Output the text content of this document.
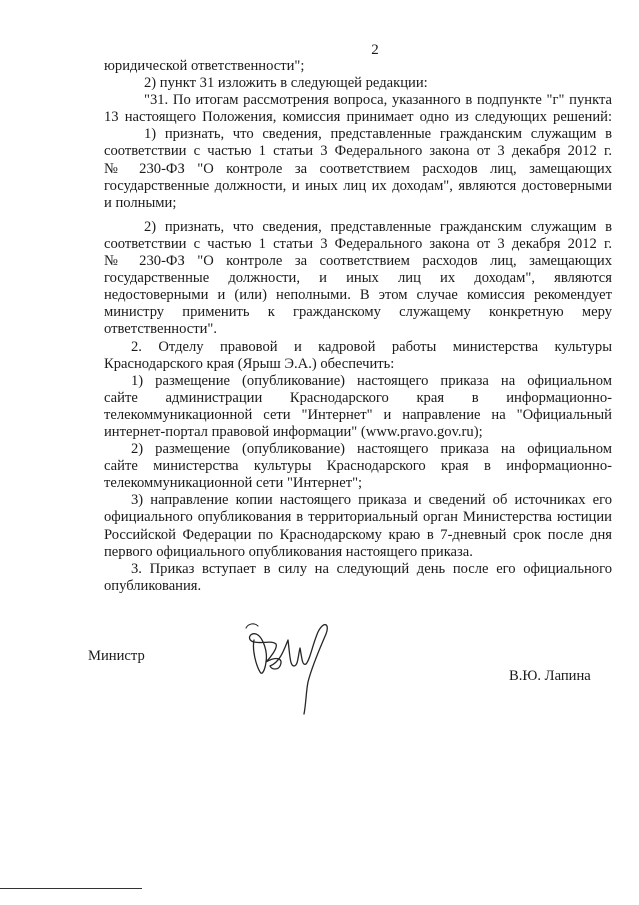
2
юридической ответственности";
2) пункт 31 изложить в следующей редакции:
"31. По итогам рассмотрения вопроса, указанного в подпункте "г" пункта
13 настоящего Положения, комиссия принимает одно из следующих решений:
1) признать, что сведения, представленные гражданским служащим в
соответствии с частью 1 статьи 3 Федерального закона от 3 декабря 2012 г.
№ 230-ФЗ "О контроле за соответствием расходов лиц, замещающих
государственные должности, и иных лиц их доходам", являются достоверными
и полными;
2) признать, что сведения, представленные гражданским служащим в
соответствии с частью 1 статьи 3 Федерального закона от 3 декабря 2012 г.
№ 230-ФЗ "О контроле за соответствием расходов лиц, замещающих
государственные должности, и иных лиц их доходам", являются
недостоверными и (или) неполными. В этом случае комиссия рекомендует
министру применить к гражданскому служащему конкретную меру
ответственности".
2. Отделу правовой и кадровой работы министерства культуры
Краснодарского края (Ярыш Э.А.) обеспечить:
1) размещение (опубликование) настоящего приказа на официальном
сайте администрации Краснодарского края в информационно-
телекоммуникационной сети "Интернет" и направление на "Официальный
интернет-портал правовой информации" (www.pravo.gov.ru);
2) размещение (опубликование) настоящего приказа на официальном
сайте министерства культуры Краснодарского края в информационно-
телекоммуникационной сети "Интернет";
3) направление копии настоящего приказа и сведений об источниках его
официального опубликования в территориальный орган Министерства юстиции
Российской Федерации по Краснодарскому краю в 7-дневный срок после дня
первого официального опубликования настоящего приказа.
3. Приказ вступает в силу на следующий день после его официального
опубликования.
Министр
В.Ю. Лапина
